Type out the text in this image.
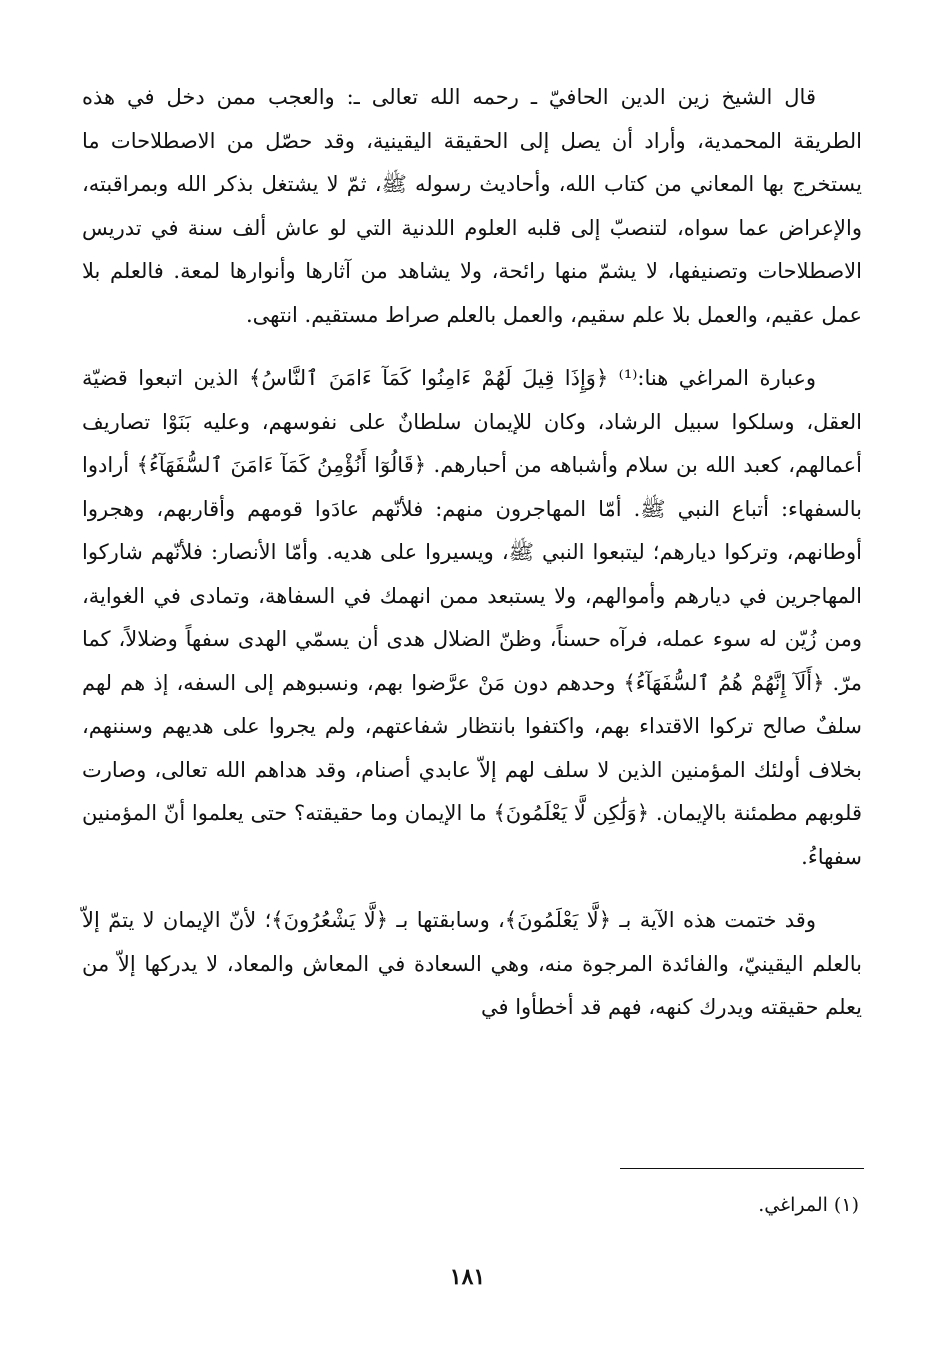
قال الشيخ زين الدين الحافيّ ـ رحمه الله تعالى ـ: والعجب ممن دخل في هذه الطريقة المحمدية، وأراد أن يصل إلى الحقيقة اليقينية، وقد حصّل من الاصطلاحات ما يستخرج بها المعاني من كتاب الله، وأحاديث رسوله ﷺ، ثمّ لا يشتغل بذكر الله وبمراقبته، والإعراض عما سواه، لتنصبّ إلى قلبه العلوم اللدنية التي لو عاش ألف سنة في تدريس الاصطلاحات وتصنيفها، لا يشمّ منها رائحة، ولا يشاهد من آثارها وأنوارها لمعة. فالعلم بلا عمل عقيم، والعمل بلا علم سقيم، والعمل بالعلم صراط مستقيم. انتهى.

وعبارة المراغي هنا:⁽¹⁾ ﴿وَإِذَا قِيلَ لَهُمْ ءَامِنُوا كَمَآ ءَامَنَ ٱلنَّاسُ﴾ الذين اتبعوا قضيّة العقل، وسلكوا سبيل الرشاد، وكان للإيمان سلطانٌ على نفوسهم، وعليه بَنَوْا تصاريف أعمالهم، كعبد الله بن سلام وأشباهه من أحبارهم. ﴿قَالُوٓا أَنُؤْمِنُ كَمَآ ءَامَنَ ٱلسُّفَهَآءُ﴾ أرادوا بالسفهاء: أتباع النبي ﷺ. أمّا المهاجرون منهم: فلأنّهم عادَوا قومهم وأقاربهم، وهجروا أوطانهم، وتركوا ديارهم؛ ليتبعوا النبي ﷺ، ويسيروا على هديه. وأمّا الأنصار: فلأنّهم شاركوا المهاجرين في ديارهم وأموالهم، ولا يستبعد ممن انهمك في السفاهة، وتمادى في الغواية، ومن زُيّن له سوء عمله، فرآه حسناً، وظنّ الضلال هدى أن يسمّي الهدى سفهاً وضلالاً، كما مرّ. ﴿أَلَآ إِنَّهُمْ هُمُ ٱلسُّفَهَآءُ﴾ وحدهم دون مَنْ عرَّضوا بهم، ونسبوهم إلى السفه، إذ هم لهم سلفٌ صالح تركوا الاقتداء بهم، واكتفوا بانتظار شفاعتهم، ولم يجروا على هديهم وسننهم، بخلاف أولئك المؤمنين الذين لا سلف لهم إلاّ عابدي أصنام، وقد هداهم الله تعالى، وصارت قلوبهم مطمئنة بالإيمان. ﴿وَلَٰكِن لَّا يَعْلَمُونَ﴾ ما الإيمان وما حقيقته؟ حتى يعلموا أنّ المؤمنين سفهاءُ.

وقد ختمت هذه الآية بـ ﴿لَّا يَعْلَمُونَ﴾، وسابقتها بـ ﴿لَّا يَشْعُرُونَ﴾؛ لأنّ الإيمان لا يتمّ إلاّ بالعلم اليقينيّ، والفائدة المرجوة منه، وهي السعادة في المعاش والمعاد، لا يدركها إلاّ من يعلم حقيقته ويدرك كنهه، فهم قد أخطأوا في

(١) المراغي.
١٨١
